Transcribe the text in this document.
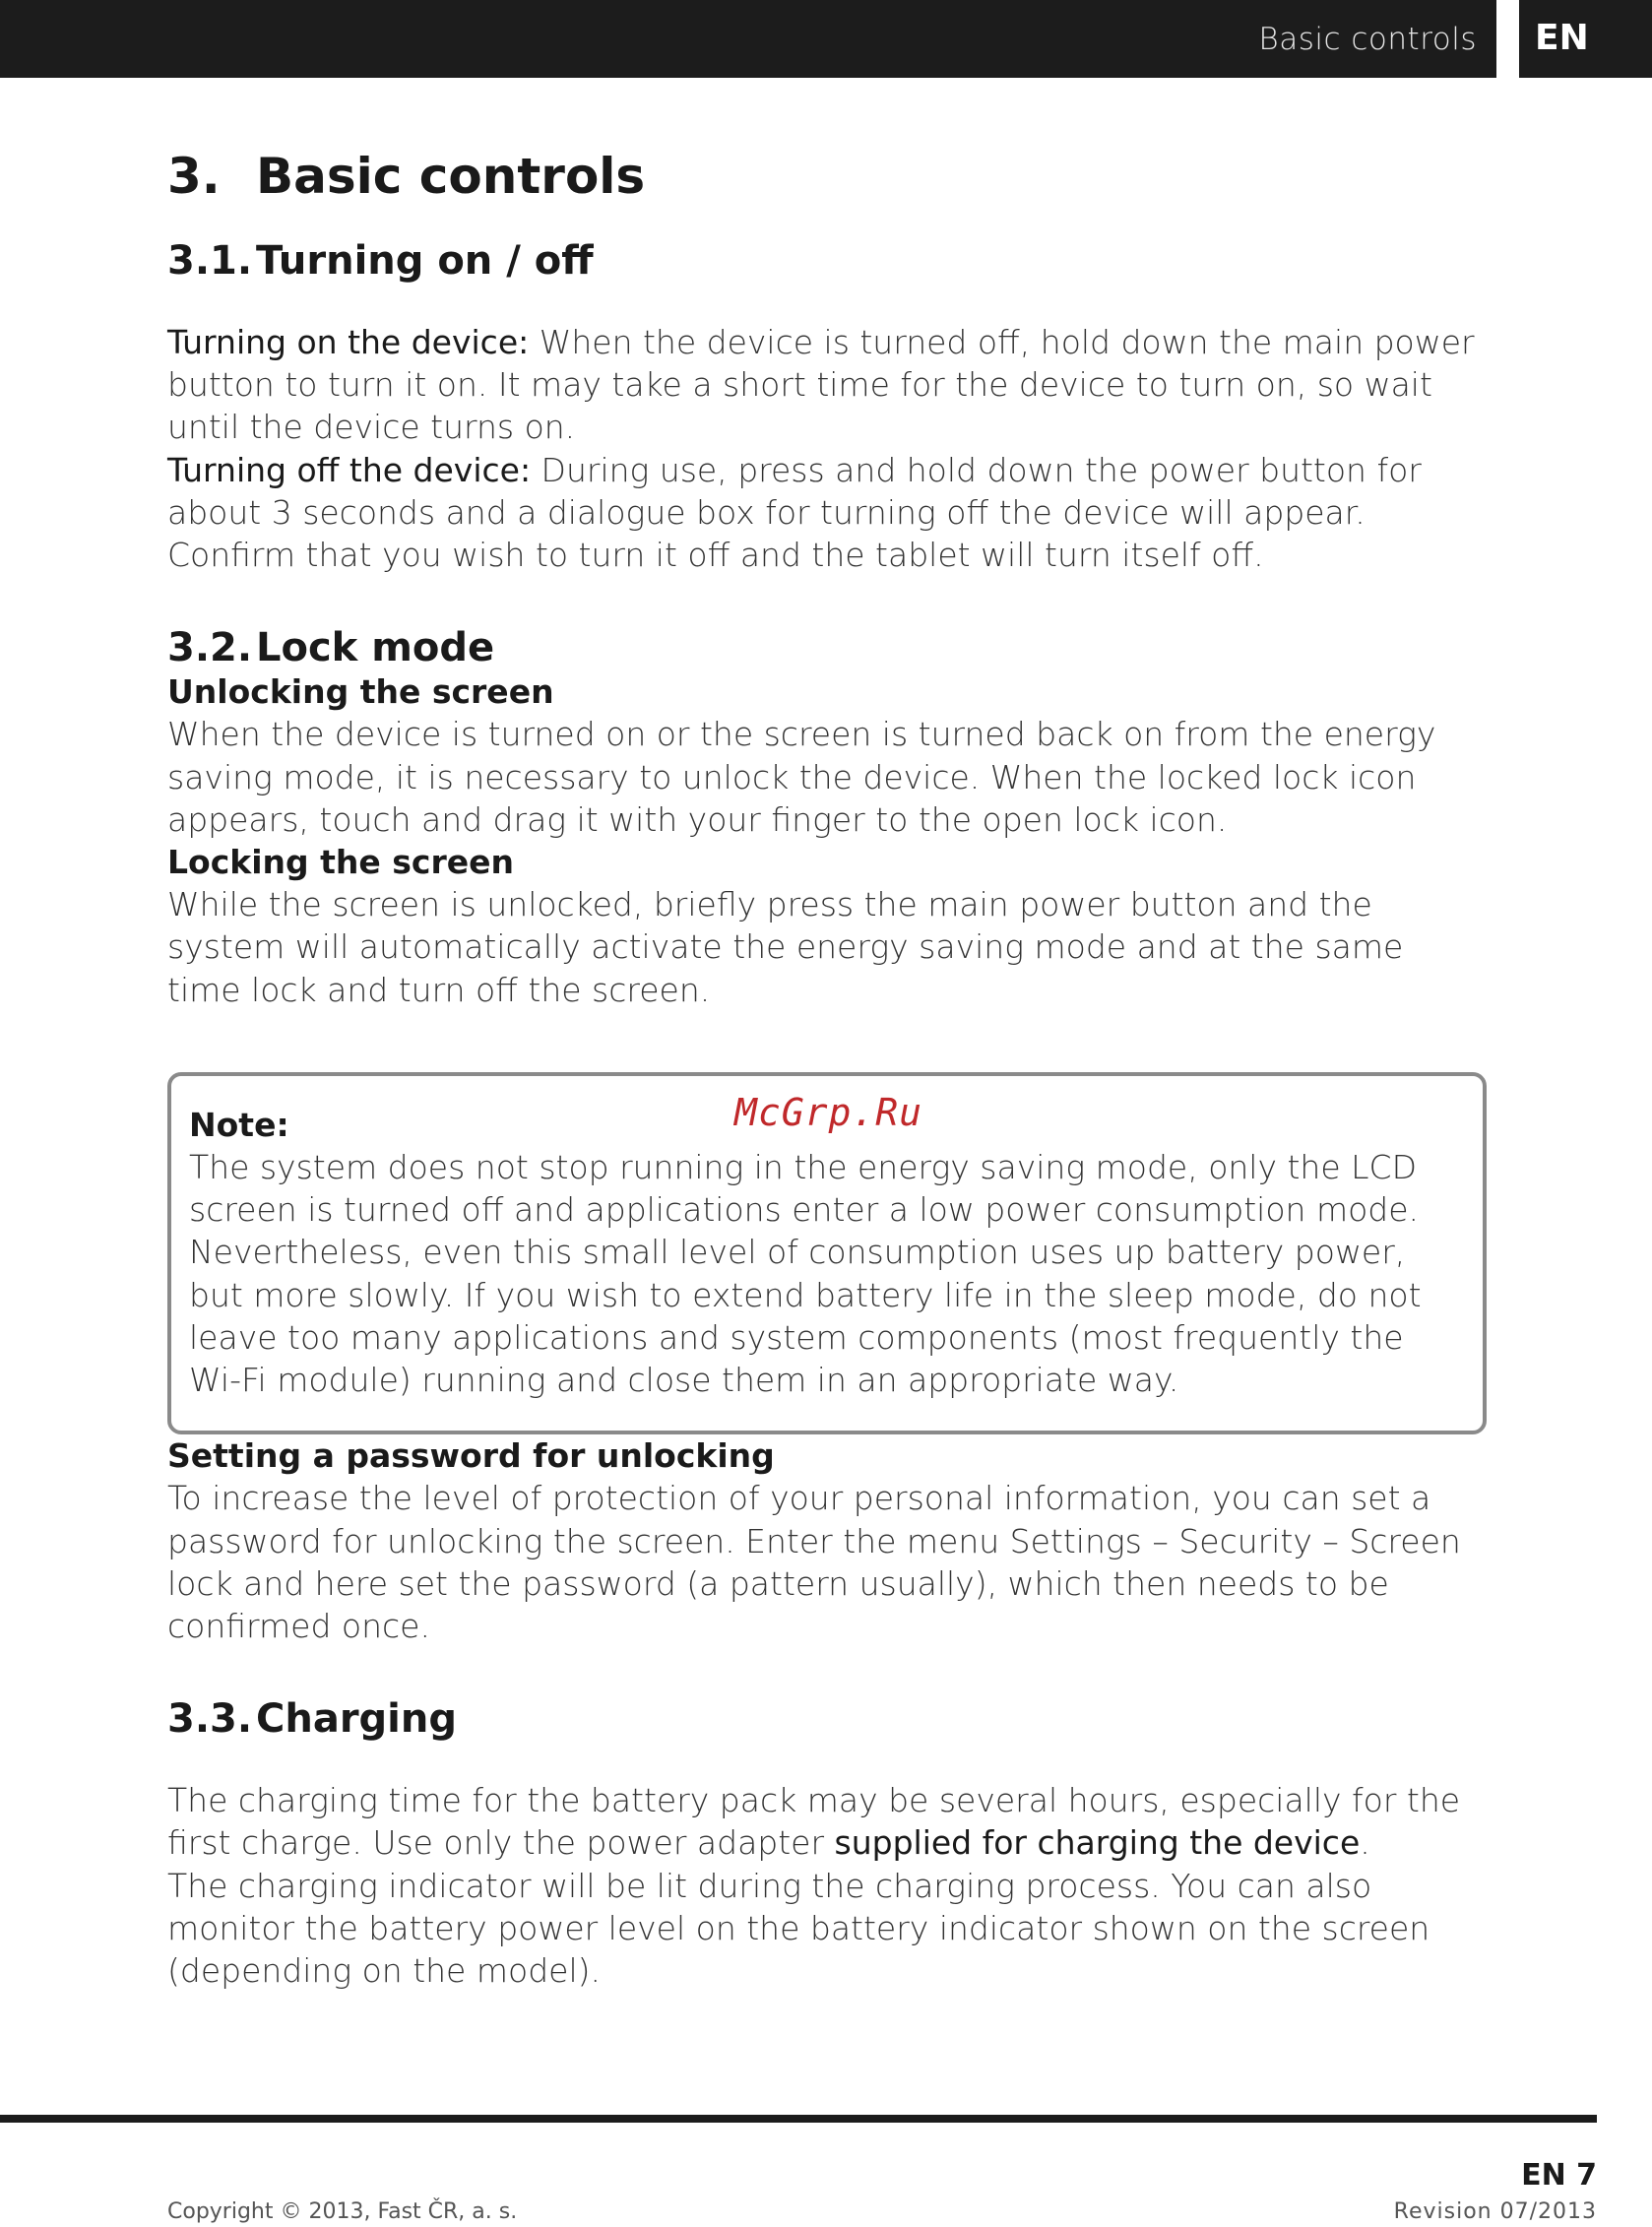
Basic controls EN
3. Basic controls
3.1.Turning on / off

Turning on the device: When the device is turned off, hold down the main power button to turn it on. It may take a short time for the device to turn on, so wait until the device turns on.

Turning off the device: During use, press and hold down the power button for about 3 seconds and a dialogue box for turning off the device will appear. Confirm that you wish to turn it off and the tablet will turn itself off.

3.2.Lock mode
Unlocking the screen

When the device is turned on or the screen is turned back on from the energy saving mode, it is necessary to unlock the device. When the locked lock icon appears, touch and drag it with your finger to the open lock icon.

Locking the screen

While the screen is unlocked, briefly press the main power button and the system will automatically activate the energy saving mode and at the same time lock and turn off the screen.

Note:

The system does not stop running in the energy saving mode, only the LCD screen is turned off and applications enter a low power consumption mode. Nevertheless, even this small level of consumption uses up battery power, but more slowly. If you wish to extend battery life in the sleep mode, do not leave too many applications and system components (most frequently the Wi-Fi module) running and close them in an appropriate way.

Setting a password for unlocking

To increase the level of protection of your personal information, you can set a password for unlocking the screen. Enter the menu Settings – Security – Screen lock and here set the password (a pattern usually), which then needs to be confirmed once.

3.3.Charging

The charging time for the battery pack may be several hours, especially for the first charge. Use only the power adapter supplied for charging the device.

The charging indicator will be lit during the charging process. You can also monitor the battery power level on the battery indicator shown on the screen (depending on the model).

McGrp.Ru
EN 7
Copyright © 2013, Fast ČR, a. s.	Revision 07/2013
